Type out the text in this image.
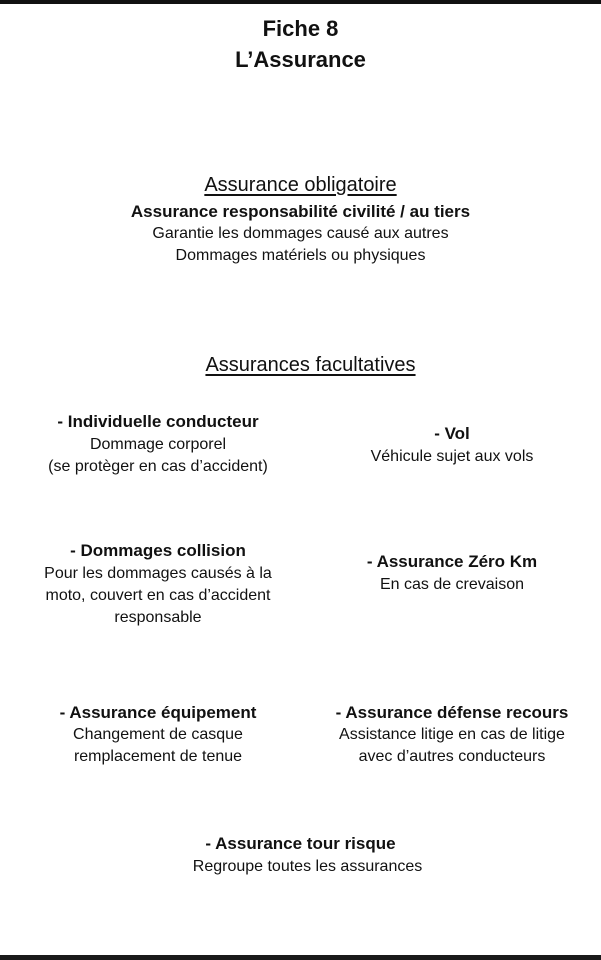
Fiche 8
L’Assurance
Assurance obligatoire
Assurance responsabilité civilité / au tiers
Garantie les dommages causé aux autres
Dommages matériels ou physiques
Assurances facultatives
- Individuelle conducteur
Dommage corporel
(se protèger en cas d’accident)
- Vol
Véhicule sujet aux vols
- Dommages collision
Pour les dommages causés à la
moto, couvert en cas d’accident
responsable
- Assurance Zéro Km
En cas de crevaison
- Assurance équipement
Changement de casque
remplacement de tenue
- Assurance défense recours
Assistance litige en cas de litige
avec d’autres conducteurs
- Assurance tour risque
Regroupe toutes les assurances
